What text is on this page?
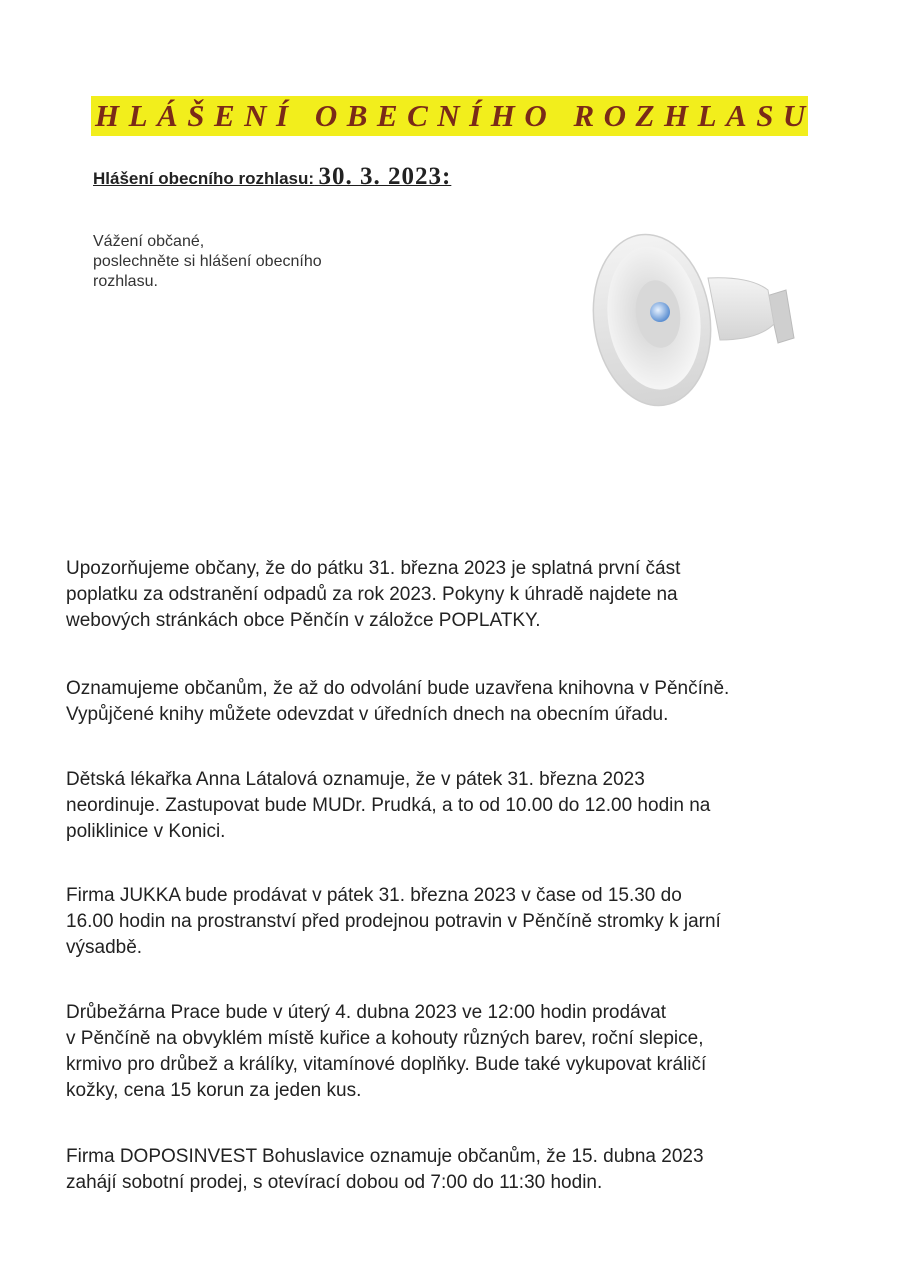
HLÁŠENÍ OBECNÍHO ROZHLASU
Hlášení obecního rozhlasu: 30. 3. 2023:
Vážení občané,
poslechněte si hlášení obecního
rozhlasu.
Upozorňujeme občany, že do pátku 31. března 2023 je splatná první část
poplatku za odstranění odpadů za rok 2023. Pokyny k úhradě najdete na
webových stránkách obce Pěnčín v záložce POPLATKY.
Oznamujeme občanům, že až do odvolání bude uzavřena knihovna v Pěnčíně.
Vypůjčené knihy můžete odevzdat v úředních dnech na obecním úřadu.
Dětská lékařka Anna Látalová oznamuje, že v pátek 31. března 2023
neordinuje. Zastupovat bude MUDr. Prudká, a to od 10.00 do 12.00 hodin na
poliklinice v Konici.
Firma JUKKA bude prodávat v pátek 31. března 2023 v čase od 15.30 do
16.00 hodin na prostranství před prodejnou potravin v Pěnčíně stromky k jarní
výsadbě.
Drůbežárna Prace bude v úterý 4. dubna 2023 ve 12:00 hodin prodávat
v Pěnčíně na obvyklém místě kuřice a kohouty různých barev, roční slepice,
krmivo pro drůbež a králíky, vitamínové doplňky. Bude také vykupovat králičí
kožky, cena 15 korun za jeden kus.
Firma DOPOSINVEST Bohuslavice oznamuje občanům, že 15. dubna 2023
zahájí sobotní prodej, s otevírací dobou od 7:00 do 11:30 hodin.
